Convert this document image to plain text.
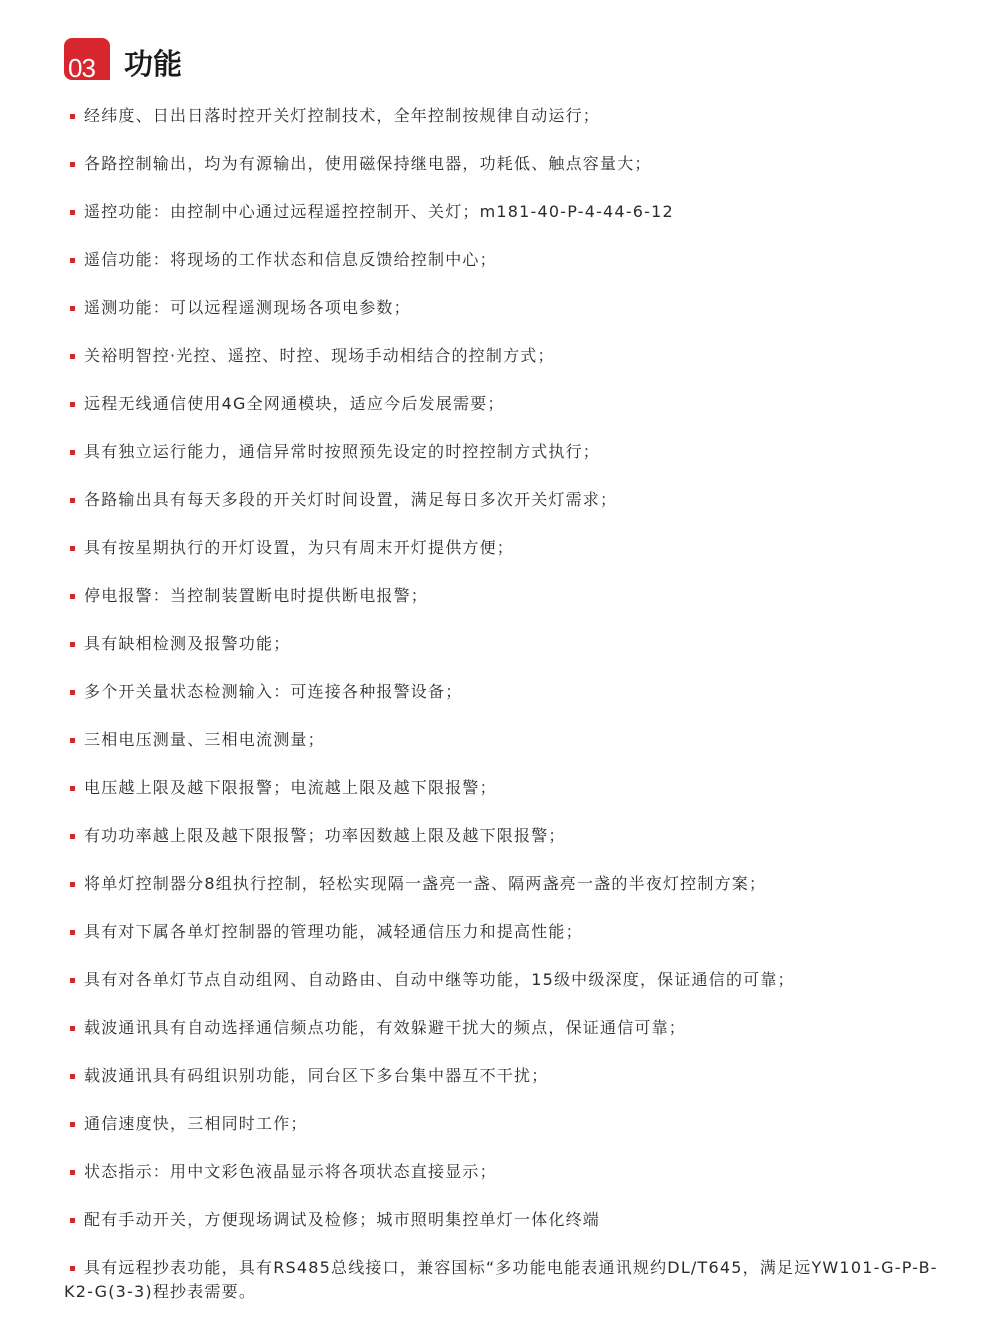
03 功能
经纬度、日出日落时控开关灯控制技术，全年控制按规律自动运行；
各路控制输出，均为有源输出，使用磁保持继电器，功耗低、触点容量大；
遥控功能：由控制中心通过远程遥控控制开、关灯；m181-40-P-4-44-6-12
遥信功能：将现场的工作状态和信息反馈给控制中心；
遥测功能：可以远程遥测现场各项电参数；
关裕明智控·光控、遥控、时控、现场手动相结合的控制方式；
远程无线通信使用4G全网通模块，适应今后发展需要；
具有独立运行能力，通信异常时按照预先设定的时控控制方式执行；
各路输出具有每天多段的开关灯时间设置，满足每日多次开关灯需求；
具有按星期执行的开灯设置，为只有周末开灯提供方便；
停电报警：当控制装置断电时提供断电报警；
具有缺相检测及报警功能；
多个开关量状态检测输入：可连接各种报警设备；
三相电压测量、三相电流测量；
电压越上限及越下限报警；电流越上限及越下限报警；
有功功率越上限及越下限报警；功率因数越上限及越下限报警；
将单灯控制器分8组执行控制，轻松实现隔一盏亮一盏、隔两盏亮一盏的半夜灯控制方案；
具有对下属各单灯控制器的管理功能，减轻通信压力和提高性能；
具有对各单灯节点自动组网、自动路由、自动中继等功能，15级中级深度，保证通信的可靠；
载波通讯具有自动选择通信频点功能，有效躲避干扰大的频点，保证通信可靠；
载波通讯具有码组识别功能，同台区下多台集中器互不干扰；
通信速度快，三相同时工作；
状态指示：用中文彩色液晶显示将各项状态直接显示；
配有手动开关，方便现场调试及检修；城市照明集控单灯一体化终端
具有远程抄表功能，具有RS485总线接口，兼容国标“多功能电能表通讯规约DL/T645，满足远YW101-G-P-B-K2-G(3-3)程抄表需要。
